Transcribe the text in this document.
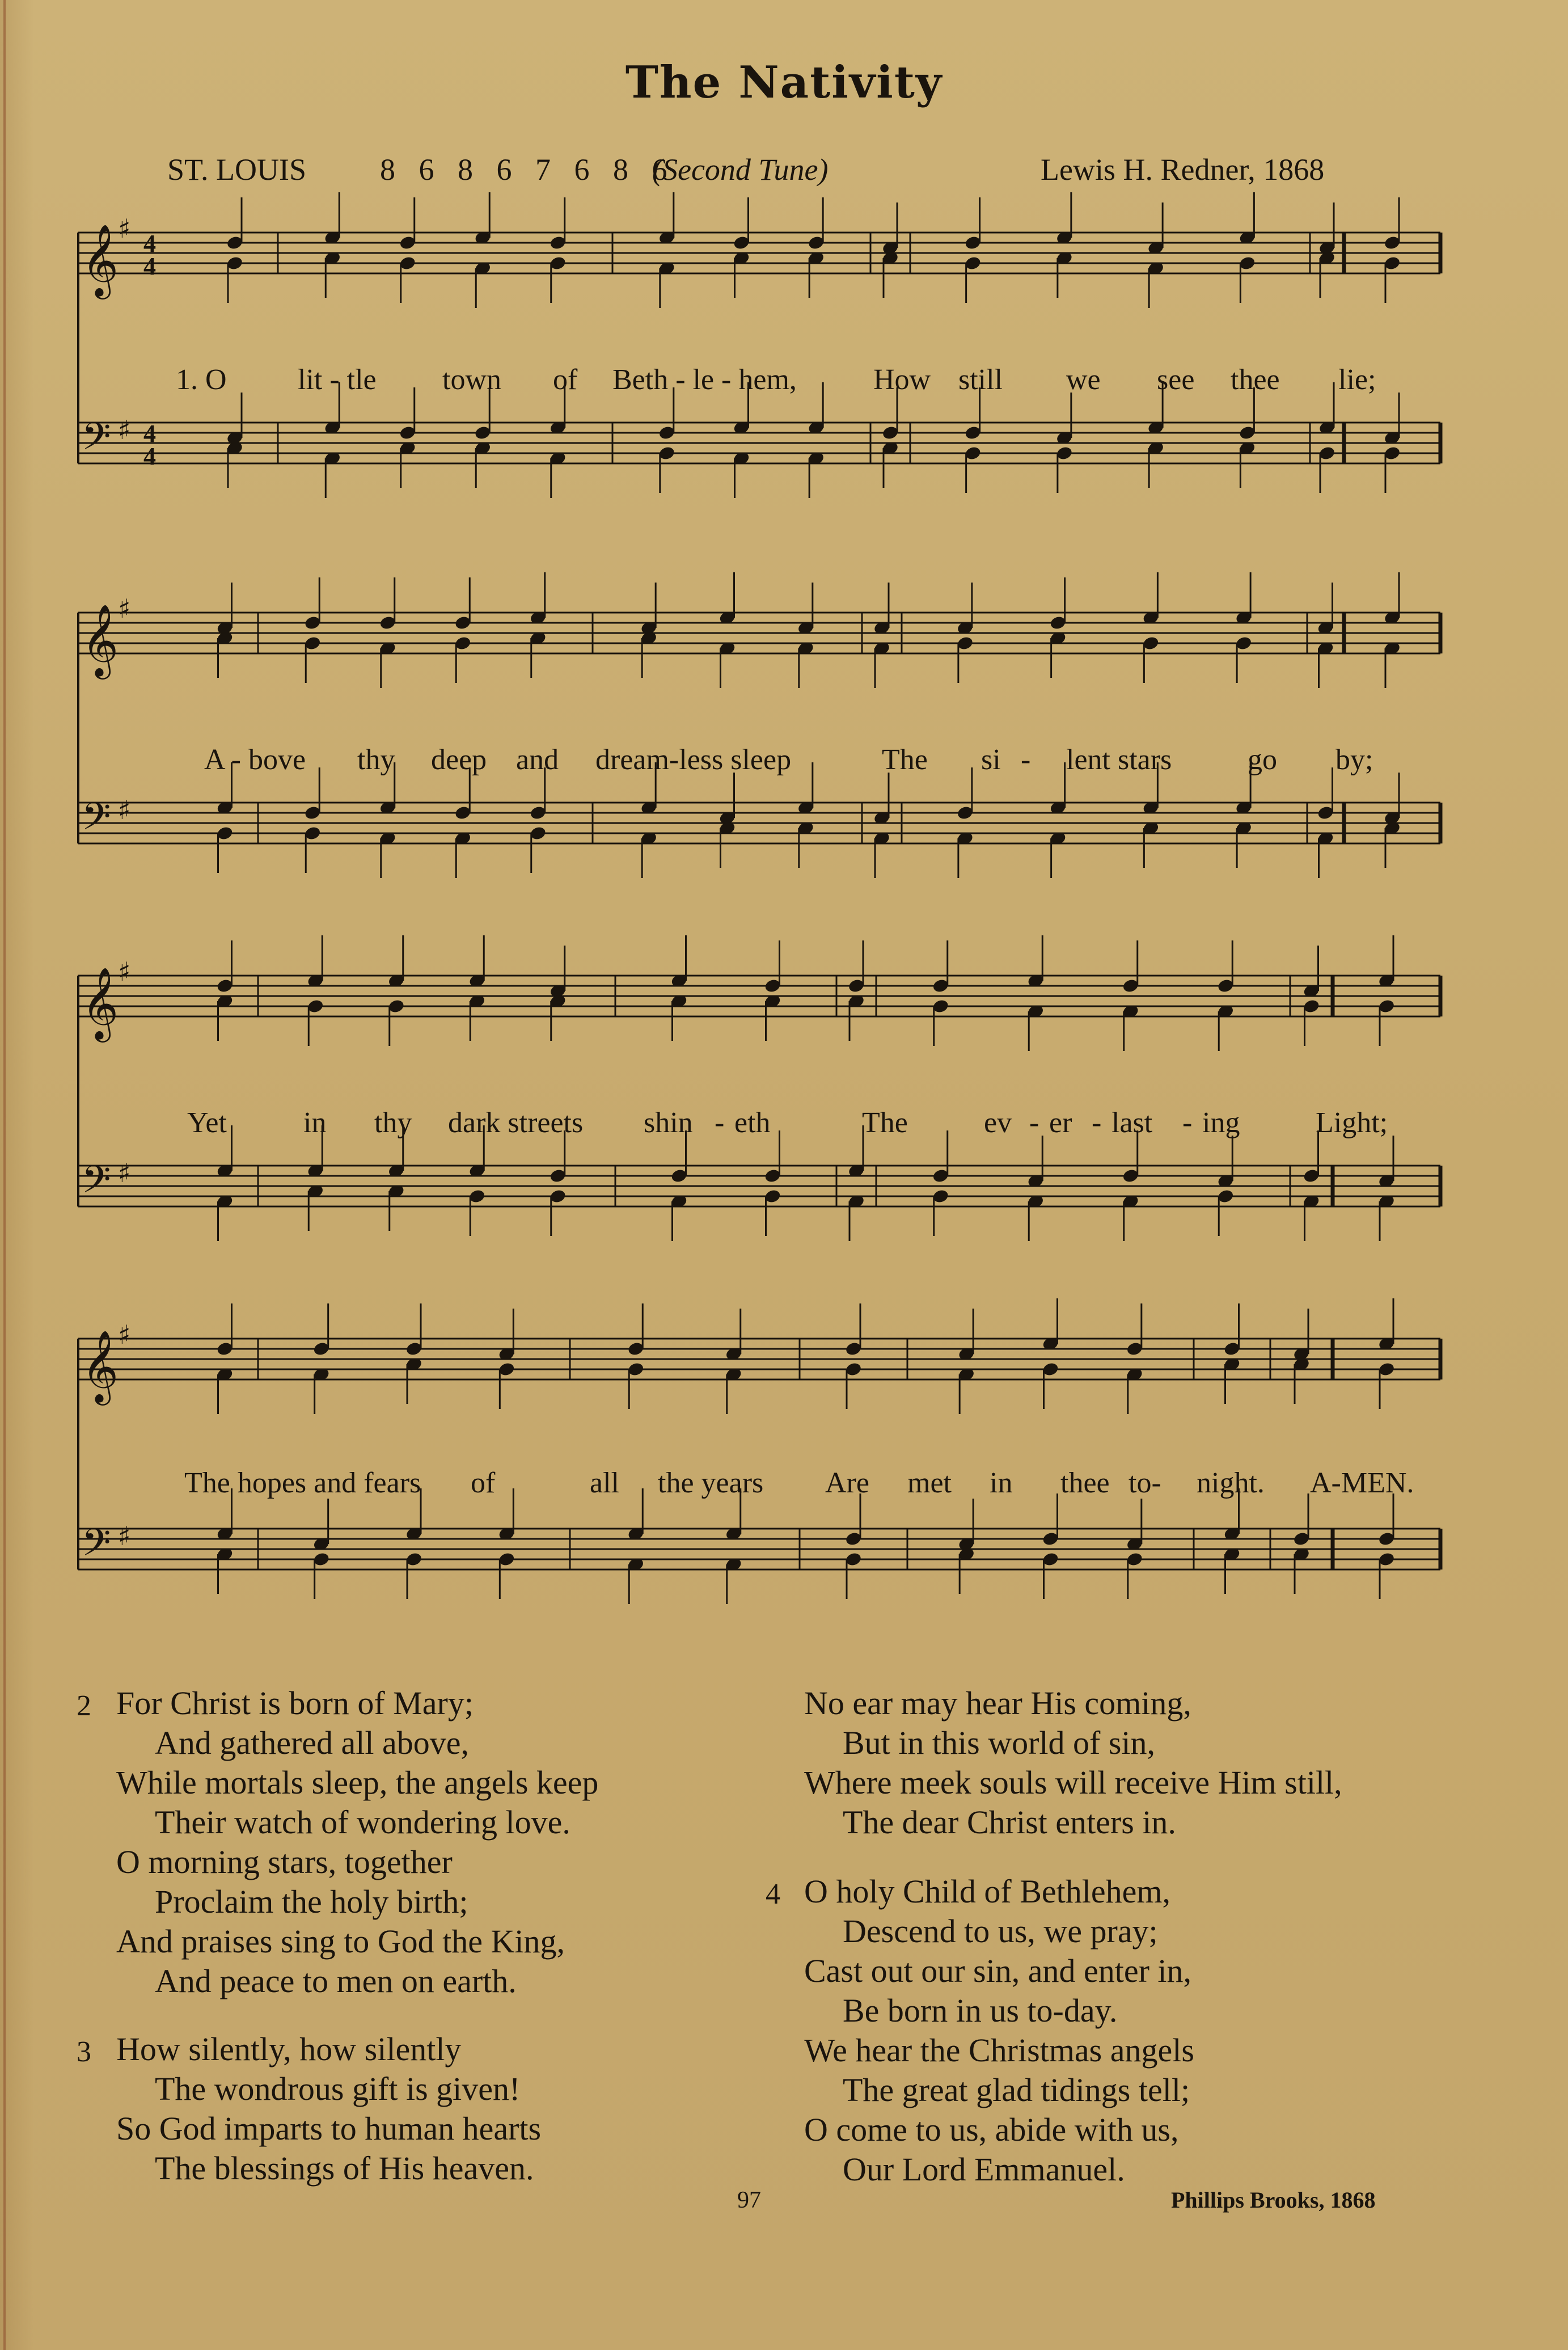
The Nativity
ST. LOUIS 8 6 8 6 7 6 8 6
(Second Tune)	Lewis H. Redner, 1868
𝄞
♯ 4
4
𝄢 ♯ 4
4
𝄞
♯
𝄢 ♯
𝄞
♯
𝄢 ♯
𝄞
♯
𝄢 ♯
1. O lit - tle town of Beth - le - hem,	How still we see thee lie;
A - bove thy deep and dream-less sleep	The si - lent stars	go by;
Yet	in thy dark streets shin - eth	The	ev - er - last - ing	Light;
The hopes and fears of	all the years Are met in thee to- night. A-MEN.
2 For Christ is born of Mary;
And gathered all above,
While mortals sleep, the angels keep
Their watch of wondering love.
O morning stars, together
Proclaim the holy birth;
And praises sing to God the King,
And peace to men on earth.
3 How silently, how silently
The wondrous gift is given!
So God imparts to human hearts
The blessings of His heaven.
No ear may hear His coming,
But in this world of sin,
Where meek souls will receive Him still,
The dear Christ enters in.
4 O holy Child of Bethlehem,
Descend to us, we pray;
Cast out our sin, and enter in,
Be born in us to-day.
We hear the Christmas angels
The great glad tidings tell;
O come to us, abide with us,
Our Lord Emmanuel.
97	Phillips Brooks, 1868
